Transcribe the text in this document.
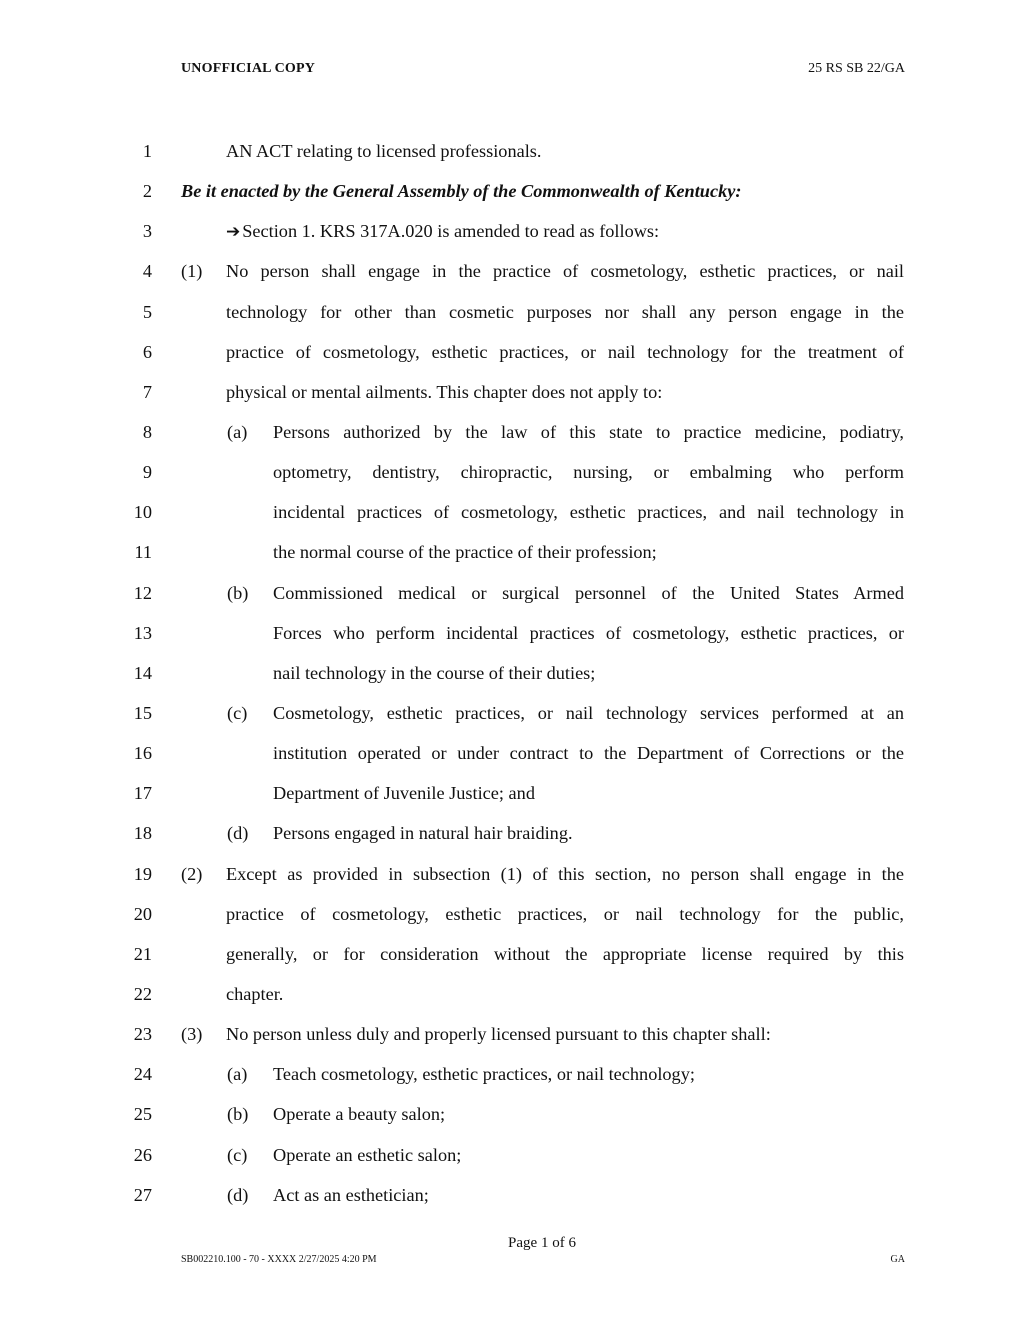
UNOFFICIAL COPY	25 RS SB 22/GA
1	AN ACT relating to licensed professionals.
2 Be it enacted by the General Assembly of the Commonwealth of Kentucky:
3	➔ Section 1. KRS 317A.020 is amended to read as follows:
4 (1) No person shall engage in the practice of cosmetology, esthetic practices, or nail
5	technology for other than cosmetic purposes nor shall any person engage in the
6	practice of cosmetology, esthetic practices, or nail technology for the treatment of
7	physical or mental ailments. This chapter does not apply to:
8	(a) Persons authorized by the law of this state to practice medicine, podiatry,
9	optometry, dentistry, chiropractic, nursing, or embalming who perform
10	incidental practices of cosmetology, esthetic practices, and nail technology in
11	the normal course of the practice of their profession;
12	(b) Commissioned medical or surgical personnel of the United States Armed
13	Forces who perform incidental practices of cosmetology, esthetic practices, or
14	nail technology in the course of their duties;
15	(c) Cosmetology, esthetic practices, or nail technology services performed at an
16	institution operated or under contract to the Department of Corrections or the
17	Department of Juvenile Justice; and
18	(d) Persons engaged in natural hair braiding.
19 (2) Except as provided in subsection (1) of this section, no person shall engage in the
20	practice of cosmetology, esthetic practices, or nail technology for the public,
21	generally, or for consideration without the appropriate license required by this
22	chapter.
23 (3) No person unless duly and properly licensed pursuant to this chapter shall:
24	(a) Teach cosmetology, esthetic practices, or nail technology;
25	(b) Operate a beauty salon;
26	(c) Operate an esthetic salon;
27	(d) Act as an esthetician;
Page 1 of 6
SB002210.100 - 70 - XXXX 2/27/2025 4:20 PM	GA
